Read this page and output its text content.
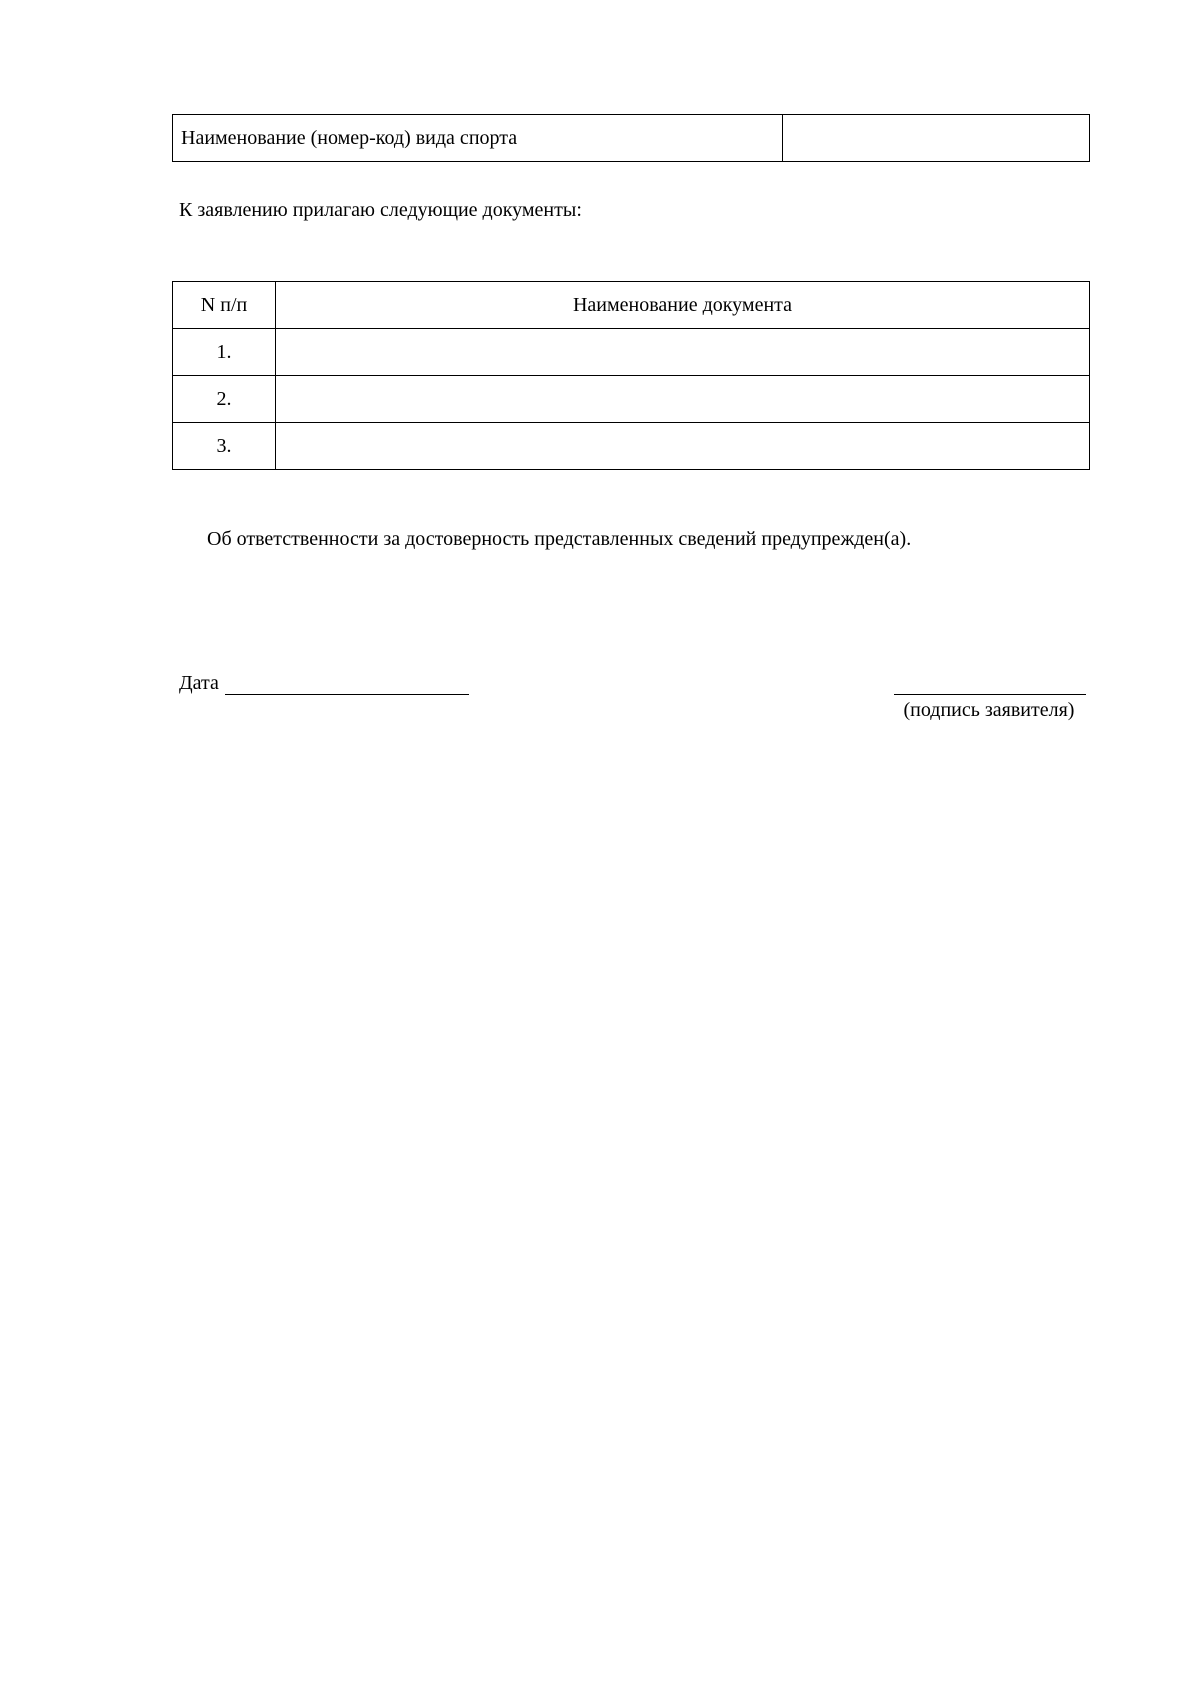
Наименование (номер-код) вида спорта	
К заявлению прилагаю следующие документы:
N п/п	Наименование документа
1.	
2.	
3.	
Об ответственности за достоверность представленных сведений предупрежден(а).
Дата
(подпись заявителя)
